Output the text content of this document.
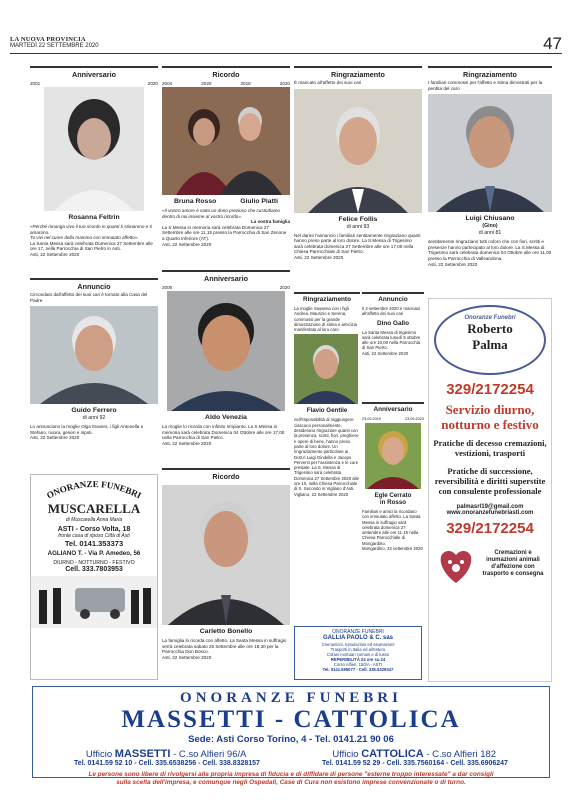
LA NUOVA PROVINCIA
MARTEDÌ 22 SETTEMBRE 2020	47
Anniversario
2001	2020
Rosanna Feltrin
«Perché rimanga vivo il tuo ricordo in quanti ti stimarono e ti amarono.
Tu vivi nel cuore della mamma con immutato affetto».
La Santa Messa sarà celebrata Domenica 27 Settembre alle ore 17, nella Parrocchia di San Pietro in Asti.
Asti, 22 Settembre 2020
Ricordo
2004	2020	2018	2020
Bruna Rosso	Giulio Piatti
«Il vostro amore è stato un dono prezioso che custodiamo dentro di noi insieme al vostro ricordo».

La vostra famiglia
La S.Messa in memoria sarà celebrata Domenica 27 Settembre alle ore 11,15 presso la Parrocchia di San Zenone a Quarto Inferiore (AT).
Asti, 22 Settembre 2020
Ringraziamento
È mancato all'affetto dei suoi cari
Felice Follis
di anni 93
Nel darne l'annuncio i familiari sentitamente ringraziano quanti hanno preso parte al loro dolore. La S.Messa di Trigesimo sarà celebrata domenica 27 Settembre alle ore 17,00 nella Chiesa Parrocchiale di San Pietro.
Asti, 22 Settembre 2020
Ringraziamento
I familiari commossi per l'affetto e stima dimostrati per la perdita del caro
Luigi Chiusano
(Gino)
di anni 81
sentitamente ringraziano tutti coloro che con fiori, scritti e presenze hanno partecipato al loro dolore. La S.Messa di Trigesimo sarà celebrata domenica 04 Ottobre alle ore 11,00 presso la Parrocchia di Valleandona.
Asti, 22 Settembre 2020
Annuncio
Circondato dall'affetto dei suoi cari è tornato alla Casa del Padre
Guido Ferrero
di anni 92
Lo annunciano la moglie Olga Itravers, i figli Antonella e Stefano, nuora, generi e nipoti.
Asti, 22 Settembre 2020
Anniversario
2000	2020
Aldo Venezia
La moglie lo ricorda con infinito rimpianto. La S.Messa in memoria sarà celebrata Domenica 04 Ottobre alle ore 17,00 nella Parrocchia di San Pietro.
Asti, 22 Settembre 2020
Ricordo
Carletto Bonello
La famiglia lo ricorda con affetto. La Santa Messa in suffragio verrà celebrata sabato 26 Settembre alle ore 18,30 per la Parrocchia Don Bosco.
Asti, 22 Settembre 2020
Ringraziamento
La moglie Susanna con i figli Andrea, Maurizio e Serena, commossi per la grande dimostrazione di stima e amicizia manifestata al loro caro
Flavio Gentile
nell'impossibilità di raggiungere ciascuno personalmente, desiderano ringraziare quanti con la presenza, scritti, fiori, preghiere e opere di bene, hanno preso parte al loro dolore. Un ringraziamento particolare ai Dott.ri Luigi Gindella e Jacopo Perversi per l'assistenza e le cure prestate. La S. Messa di Trigesimo sarà celebrata Domenica 27 Settembre 2020 alle ore 10, nella Chiesa Parrocchiale di S. Secondo in Vigliano d'Asti.
Vigliano, 22 Settembre 2020
Annuncio
Il 2 settembre 2020 è mancato all'affetto dei suoi cari
Dino Gallo
La Santa Messa di trigesimo sarà celebrata lunedì 5 ottobre alle ore 10,00 nella Parrocchia di San Pietro.
Asti, 22 Settembre 2020
Anniversario
23.09.2019	23.09.2020
Egle Cerrato
in Rosso
Familiari e amici la ricordano con immutato affetto. La Santa Messa in suffragio sarà celebrata domenica 27 settembre alle ore 11.15 nella Chiesa Parrocchiale di Mongardino.
Mongardino, 22 settembre 2020
ONORANZE FUNEBRI
MUSCARELLA
di Muscarella Anna Maria
ASTI - Corso Volta, 18
fronte casa di riposo Città di Asti
Tel. 0141.353373
AGLIANO T. - Via P. Amedeo, 56
DIURNO - NOTTURNO - FESTIVO
Cell. 333.7803953
ONORANZE FUNEBRI
GALLIA PAOLO & C. sas
Cremazioni, tumulazioni ed esumazioni
Trasporti in Italia ed all'estero
Cofani mortuari comuni e di lusso
REPERIBILITÀ 24 ore su 24
Corso Alfieri, 150/A - ASTI
Tel. 0141.595077 - Cell. 335.5329347
Onoranze Funebri
Roberto
Palma
329/2172254
Servizio diurno,
notturno e festivo
Pratiche di decesso cremazioni, vestizioni, trasporti
Pratiche di successione, reversibilità e diritti superstite con consulente professionale
palmasrl19@gmail.com
www.onoranzefunebriasti.com
329/2172254
Cremazioni e inumazioni animali d'affezione con trasporto e consegna
ONORANZE FUNEBRI
MASSETTI - CATTOLICA
Sede: Asti Corso Torino, 4 - Tel. 0141.21 90 06
Ufficio MASSETTI - C.so Alfieri 96/A	Ufficio CATTOLICA - C.so Alfieri 182
Tel. 0141.59 52 10 - Cell. 335.6538256 - Cell. 338.8328157	Tel. 0141.59 52 29 - Cell. 335.7560164 - Cell. 335.6906247
Le persone sono libere di rivolgersi alla propria impresa di fiducia e di diffidare di persone "esterne troppo interessate" a dar consigli
sulla scelta dell'impresa, e comunque negli Ospedali, Case di Cura non esistono imprese convenzionate o di turno.
